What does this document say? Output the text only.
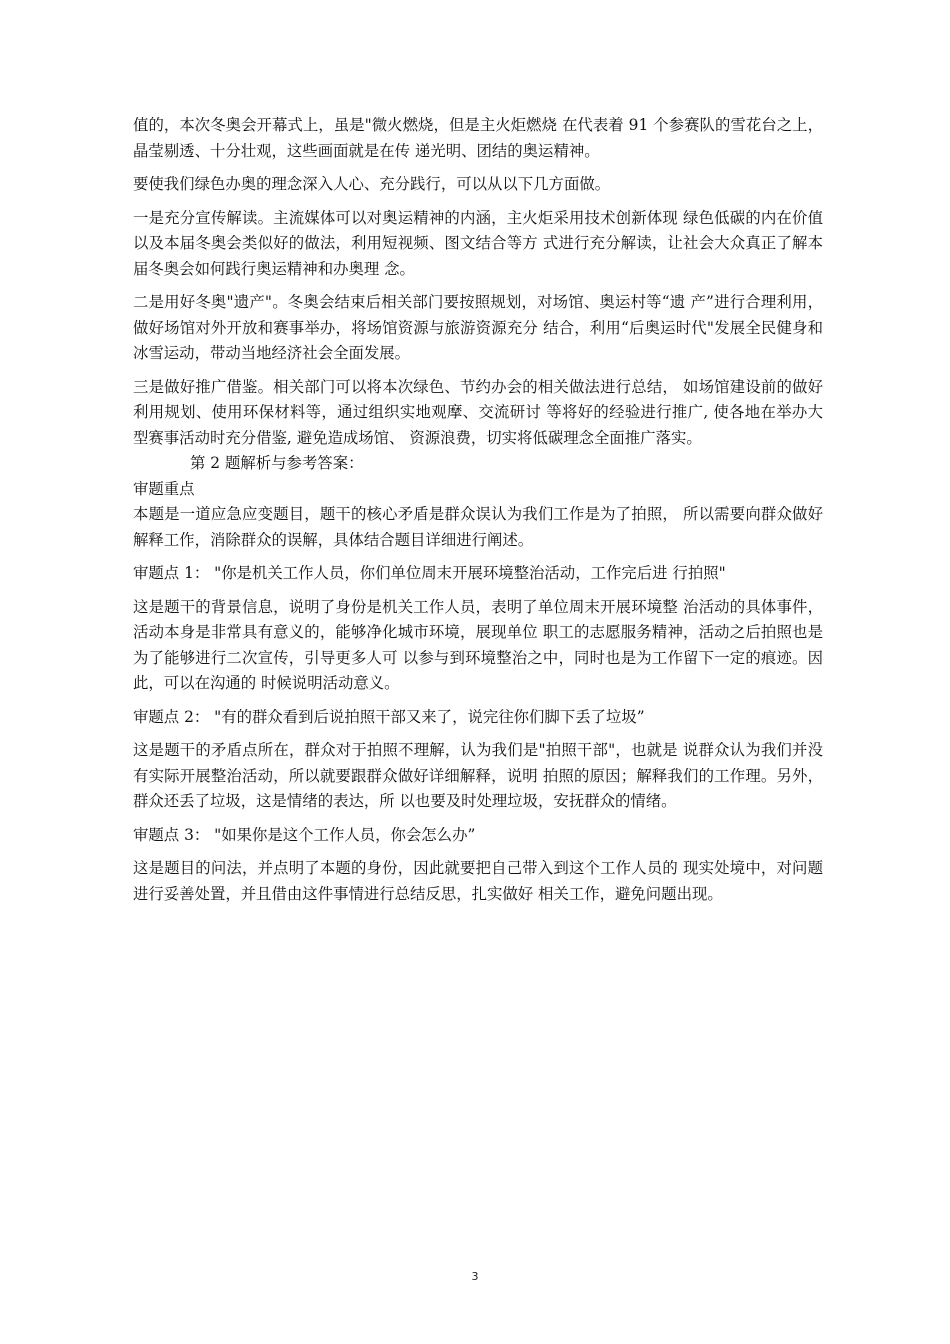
值的，本次冬奥会开幕式上，虽是"微火燃烧，但是主火炬燃烧 在代表着 91 个参赛队的雪花台之上，晶莹剔透、十分壮观，这些画面就是在传 递光明、团结的奥运精神。

要使我们绿色办奥的理念深入人心、充分践行，可以从以下几方面做。

一是充分宣传解读。主流媒体可以对奥运精神的内涵，主火炬采用技术创新体现 绿色低碳的内在价值以及本届冬奥会类似好的做法，利用短视频、图文结合等方 式进行充分解读，让社会大众真正了解本届冬奥会如何践行奥运精神和办奥理 念。

二是用好冬奥"遗产"。冬奥会结束后相关部门要按照规划，对场馆、奥运村等“遗 产”进行合理利用，做好场馆对外开放和赛事举办，将场馆资源与旅游资源充分 结合，利用“后奥运时代"发展全民健身和冰雪运动，带动当地经济社会全面发展。

三是做好推广借鉴。相关部门可以将本次绿色、节约办会的相关做法进行总结， 如场馆建设前的做好利用规划、使用环保材料等，通过组织实地观摩、交流研讨 等将好的经验进行推广, 使各地在举办大型赛事活动时充分借鉴, 避免造成场馆、 资源浪费，切实将低碳理念全面推广落实。

第 2 题解析与参考答案：

审题重点

本题是一道应急应变题目，题干的核心矛盾是群众误认为我们工作是为了拍照， 所以需要向群众做好解释工作，消除群众的误解，具体结合题目详细进行阐述。

审题点 1： "你是机关工作人员，你们单位周末开展环境整治活动，工作完后进 行拍照"

这是题干的背景信息，说明了身份是机关工作人员，表明了单位周末开展环境整 治活动的具体事件，活动本身是非常具有意义的，能够净化城市环境，展现单位 职工的志愿服务精神，活动之后拍照也是为了能够进行二次宣传，引导更多人可 以参与到环境整治之中，同时也是为工作留下一定的痕迹。因此，可以在沟通的 时候说明活动意义。

审题点 2： "有的群众看到后说拍照干部又来了，说完往你们脚下丢了垃圾”

这是题干的矛盾点所在，群众对于拍照不理解，认为我们是"拍照干部"，也就是 说群众认为我们并没有实际开展整治活动，所以就要跟群众做好详细解释，说明 拍照的原因；解释我们的工作理。另外，群众还丢了垃圾，这是情绪的表达，所 以也要及时处理垃圾，安抚群众的情绪。

审题点 3： "如果你是这个工作人员，你会怎么办”

这是题目的问法，并点明了本题的身份，因此就要把自己带入到这个工作人员的 现实处境中，对问题进行妥善处置，并且借由这件事情进行总结反思，扎实做好 相关工作，避免问题出现。

3
